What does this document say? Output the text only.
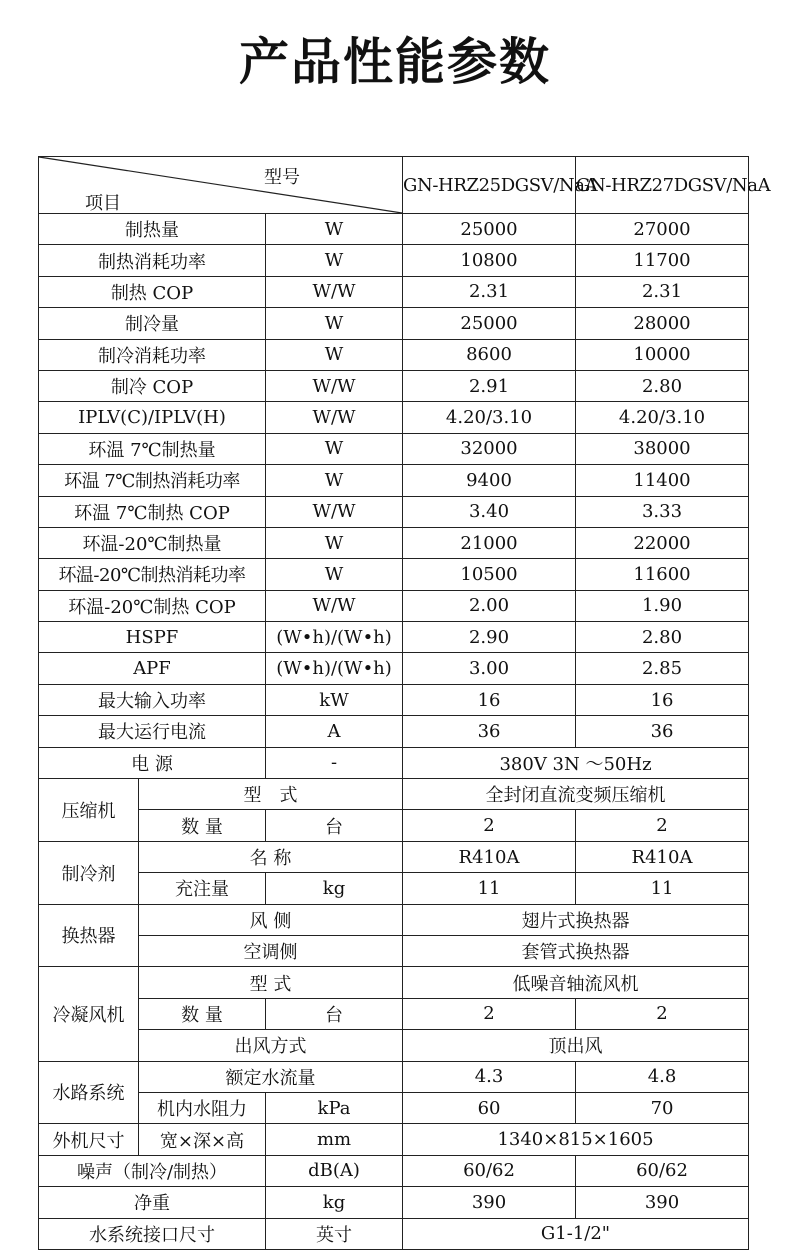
产品性能参数
型号
项目			GN-HRZ25DGSV/NaA	GN-HRZ27DGSV/NaA
制热量		W	25000	27000
制热消耗功率		W	10800	11700
制热 COP		W/W	2.31	2.31
制冷量		W	25000	28000
制冷消耗功率		W	8600	10000
制冷 COP		W/W	2.91	2.80
IPLV(C)/IPLV(H)		W/W	4.20/3.10	4.20/3.10
环温 7℃制热量		W	32000	38000
环温 7℃制热消耗功率		W	9400	11400
环温 7℃制热 COP		W/W	3.40	3.33
环温-20℃制热量		W	21000	22000
环温-20℃制热消耗功率		W	10500	11600
环温-20℃制热 COP		W/W	2.00	1.90
HSPF		(W•h)/(W•h)	2.90	2.80
APF		(W•h)/(W•h)	3.00	2.85
最大输入功率		kW	16	16
最大运行电流		A	36	36
电 源		-	380V 3N ～50Hz	
压缩机	型　式		全封闭直流变频压缩机	
	数 量	台	2	2
制冷剂	名 称		R410A	R410A
	充注量	kg	11	11
换热器	风 侧		翅片式换热器	
	空调侧		套管式换热器	
冷凝风机	型 式		低噪音轴流风机	
	数 量	台	2	2
	出风方式		顶出风	
水路系统	额定水流量		4.3	4.8
	机内水阻力	kPa	60	70
外机尺寸	宽×深×高	mm	1340×815×1605	
噪声（制冷/制热）		dB(A)	60/62	60/62
净重		kg	390	390
水系统接口尺寸		英寸	G1-1/2"	
